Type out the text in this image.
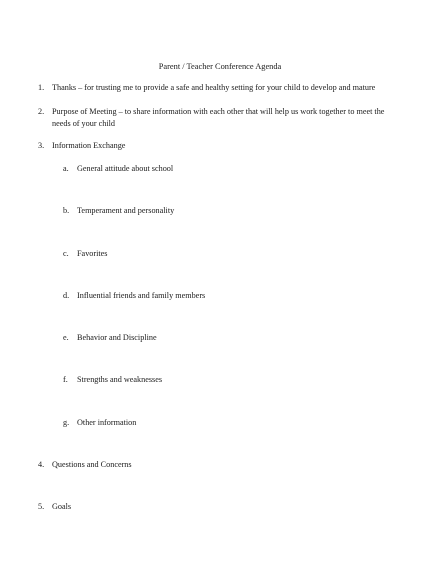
Parent / Teacher Conference Agenda
1. Thanks – for trusting me to provide a safe and healthy setting for your child to develop and mature
2. Purpose of Meeting – to share information with each other that will help us work together to meet the
needs of your child
3. Information Exchange
a. General attitude about school
b. Temperament and personality
c. Favorites
d. Influential friends and family members
e. Behavior and Discipline
f. Strengths and weaknesses
g. Other information
4. Questions and Concerns
5. Goals
